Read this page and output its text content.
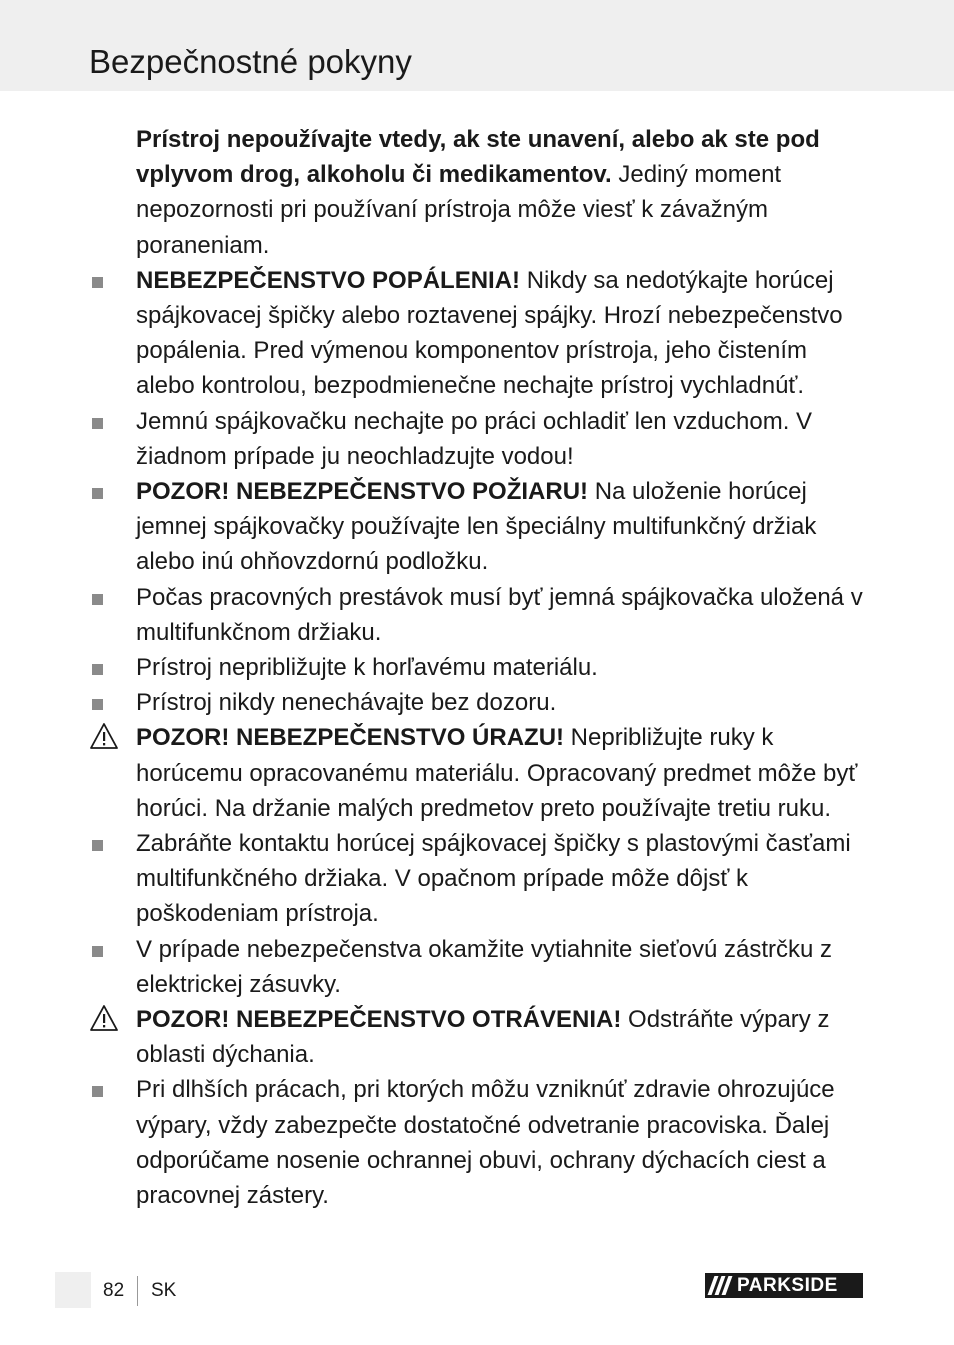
Bezpečnostné pokyny

Prístroj nepoužívajte vtedy, ak ste unavení, alebo ak ste pod vplyvom drog, alkoholu či medikamentov. Jediný moment nepozornosti pri používaní prístroja môže viesť k závažným poraneniam.

NEBEZPEČENSTVO POPÁLENIA! Nikdy sa nedotýkajte horúcej spájkovacej špičky alebo roztavenej spájky. Hrozí nebezpečenstvo popálenia. Pred výmenou komponentov prístroja, jeho čistením alebo kontrolou, bezpodmienečne nechajte prístroj vychladnúť.

Jemnú spájkovačku nechajte po práci ochladiť len vzduchom. V žiadnom prípade ju neochladzujte vodou!

POZOR! NEBEZPEČENSTVO POŽIARU! Na uloženie horúcej jemnej spájkovačky používajte len špeciálny multifunkčný držiak alebo inú ohňovzdornú podložku.

Počas pracovných prestávok musí byť jemná spájkovačka uložená v multifunkčnom držiaku.

Prístroj nepribližujte k horľavému materiálu.

Prístroj nikdy nenechávajte bez dozoru.

POZOR! NEBEZPEČENSTVO ÚRAZU! Nepribližujte ruky k horúcemu opracovanému materiálu. Opracovaný predmet môže byť horúci. Na držanie malých predmetov preto používajte tretiu ruku.

Zabráňte kontaktu horúcej spájkovacej špičky s plastovými časťami multifunkčného držiaka. V opačnom prípade môže dôjsť k poškodeniam prístroja.

V prípade nebezpečenstva okamžite vytiahnite sieťovú zástrčku z elektrickej zásuvky.

POZOR! NEBEZPEČENSTVO OTRÁVENIA! Odstráňte výpary z oblasti dýchania.

Pri dlhších prácach, pri ktorých môžu vzniknúť zdravie ohrozujúce výpary, vždy zabezpečte dostatočné odvetranie pracoviska. Ďalej odporúčame nosenie ochrannej obuvi, ochrany dýchacích ciest a pracovnej zástery.

82 SK	PARKSIDE
